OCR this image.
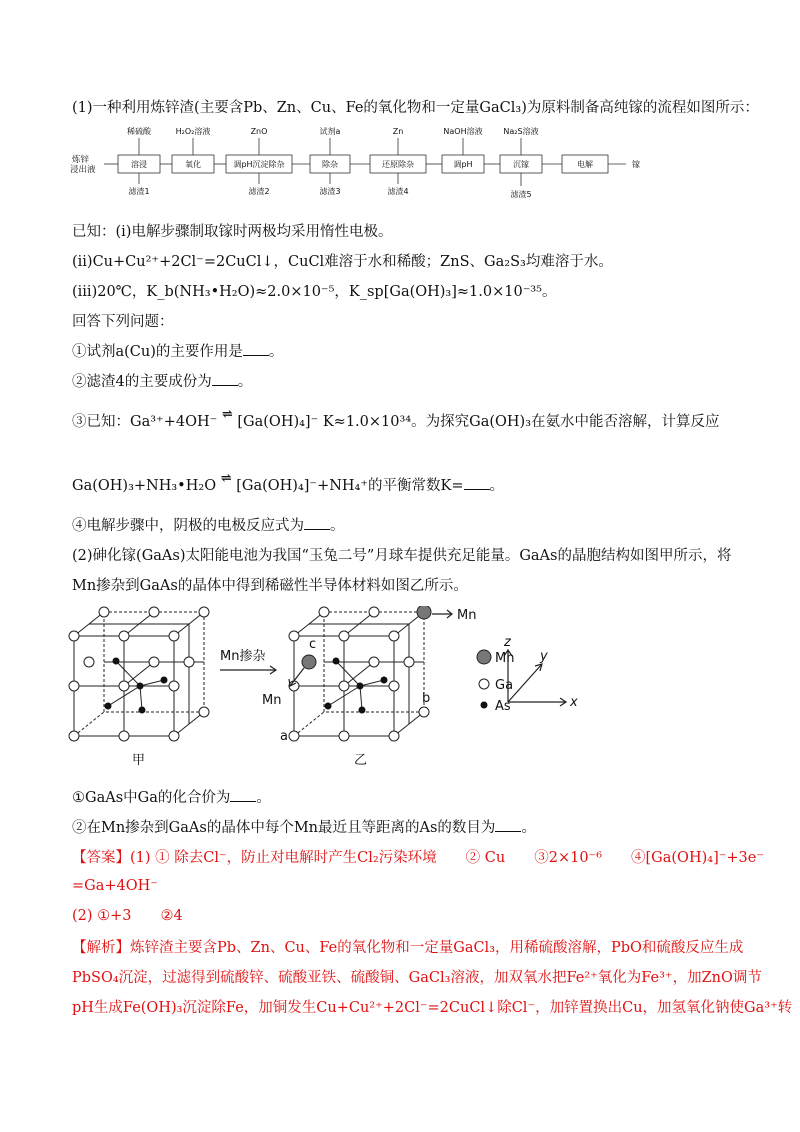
(1)一种利用炼锌渣(主要含Pb、Zn、Cu、Fe的氧化物和一定量GaCl₃)为原料制备高纯镓的流程如图所示：
炼锌
浸出液
溶浸	氧化	调pH沉淀除杂	除杂	还原除杂	调pH	沉镓	电解
稀硫酸	H₂O₂溶液	ZnO	试剂a	Zn	NaOH溶液	Na₂S溶液
滤渣1	滤渣2	滤渣3	滤渣4	滤渣5
镓
已知：(i)电解步骤制取镓时两极均采用惰性电极。
(ii)Cu+Cu²⁺+2Cl⁻=2CuCl↓，CuCl难溶于水和稀酸；ZnS、Ga₂S₃均难溶于水。
(iii)20℃，K_b(NH₃•H₂O)≈2.0×10⁻⁵，K_sp[Ga(OH)₃]≈1.0×10⁻³⁵。
回答下列问题：
①试剂a(Cu)的主要作用是 。
②滤渣4的主要成份为 。
③已知：Ga³⁺+4OH⁻ ⇌ [Ga(OH)₄]⁻ K≈1.0×10³⁴。为探究Ga(OH)₃在氨水中能否溶解，计算反应
Ga(OH)₃+NH₃•H₂O ⇌ [Ga(OH)₄]⁻+NH₄⁺的平衡常数K= 。
④电解步骤中，阴极的电极反应式为 。
(2)砷化镓(GaAs)太阳能电池为我国“玉兔二号”月球车提供充足能量。GaAs的晶胞结构如图甲所示，将
Mn掺杂到GaAs的晶体中得到稀磁性半导体材料如图乙所示。
Mn掺杂
Mn
Mn
a
b
c
Mn
Ga
As
甲	乙
z
y
x
①GaAs中Ga的化合价为 。
②在Mn掺杂到GaAs的晶体中每个Mn最近且等距离的As的数目为 。
【答案】(1) ① 除去Cl⁻，防止对电解时产生Cl₂污染环境　　② Cu　　③2×10⁻⁶　　④[Ga(OH)₄]⁻+3e⁻
=Ga+4OH⁻
(2) ①+3　　②4
【解析】炼锌渣主要含Pb、Zn、Cu、Fe的氧化物和一定量GaCl₃，用稀硫酸溶解，PbO和硫酸反应生成
PbSO₄沉淀，过滤得到硫酸锌、硫酸亚铁、硫酸铜、GaCl₃溶液，加双氧水把Fe²⁺氧化为Fe³⁺，加ZnO调节
pH生成Fe(OH)₃沉淀除Fe，加铜发生Cu+Cu²⁺+2Cl⁻=2CuCl↓除Cl⁻，加锌置换出Cu，加氢氧化钠使Ga³⁺转
